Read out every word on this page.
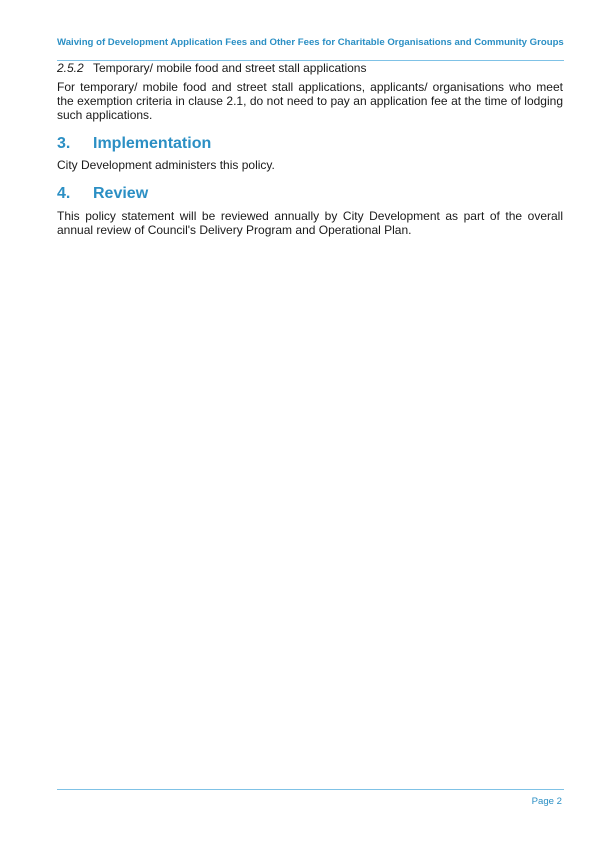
Waiving of Development Application Fees and Other Fees for Charitable Organisations and Community Groups
2.5.2 Temporary/ mobile food and street stall applications
For temporary/ mobile food and street stall applications, applicants/ organisations who meet the exemption criteria in clause 2.1, do not need to pay an application fee at the time of lodging such applications.
3. Implementation
City Development administers this policy.
4. Review
This policy statement will be reviewed annually by City Development as part of the overall annual review of Council's Delivery Program and Operational Plan.
Page 2
